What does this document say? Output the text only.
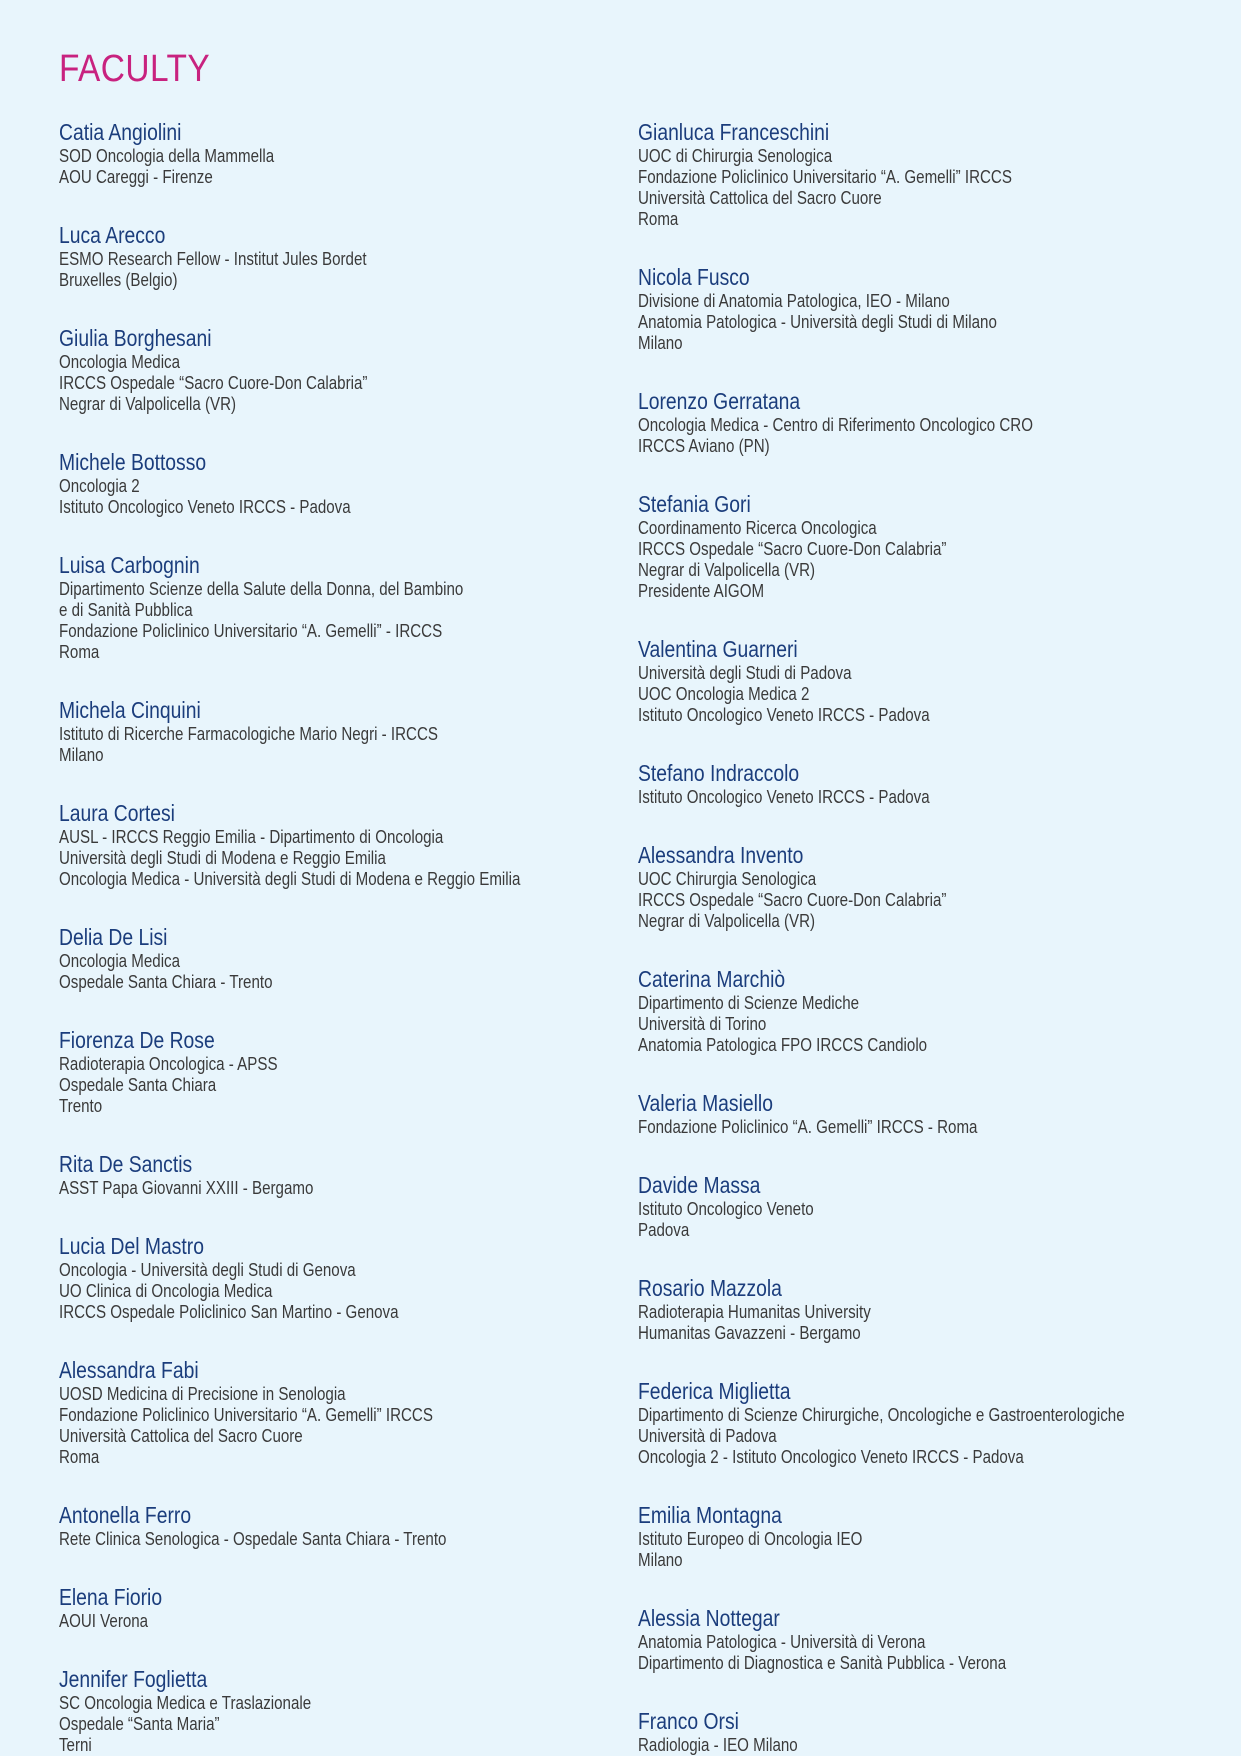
FACULTY
Catia Angiolini
SOD Oncologia della Mammella
AOU Careggi - Firenze
Luca Arecco
ESMO Research Fellow - Institut Jules Bordet
Bruxelles (Belgio)
Giulia Borghesani
Oncologia Medica
IRCCS Ospedale “Sacro Cuore-Don Calabria”
Negrar di Valpolicella (VR)
Michele Bottosso
Oncologia 2
Istituto Oncologico Veneto IRCCS - Padova
Luisa Carbognin
Dipartimento Scienze della Salute della Donna, del Bambino
e di Sanità Pubblica
Fondazione Policlinico Universitario “A. Gemelli” - IRCCS
Roma
Michela Cinquini
Istituto di Ricerche Farmacologiche Mario Negri - IRCCS
Milano
Laura Cortesi
AUSL - IRCCS Reggio Emilia - Dipartimento di Oncologia
Università degli Studi di Modena e Reggio Emilia
Oncologia Medica - Università degli Studi di Modena e Reggio Emilia
Delia De Lisi
Oncologia Medica
Ospedale Santa Chiara - Trento
Fiorenza De Rose
Radioterapia Oncologica - APSS
Ospedale Santa Chiara
Trento
Rita De Sanctis
ASST Papa Giovanni XXIII - Bergamo
Lucia Del Mastro
Oncologia - Università degli Studi di Genova
UO Clinica di Oncologia Medica
IRCCS Ospedale Policlinico San Martino - Genova
Alessandra Fabi
UOSD Medicina di Precisione in Senologia
Fondazione Policlinico Universitario “A. Gemelli” IRCCS
Università Cattolica del Sacro Cuore
Roma
Antonella Ferro
Rete Clinica Senologica - Ospedale Santa Chiara - Trento
Elena Fiorio
AOUI Verona
Jennifer Foglietta
SC Oncologia Medica e Traslazionale
Ospedale “Santa Maria”
Terni
Gianluca Franceschini
UOC di Chirurgia Senologica
Fondazione Policlinico Universitario “A. Gemelli” IRCCS
Università Cattolica del Sacro Cuore
Roma
Nicola Fusco
Divisione di Anatomia Patologica, IEO - Milano
Anatomia Patologica - Università degli Studi di Milano
Milano
Lorenzo Gerratana
Oncologia Medica - Centro di Riferimento Oncologico CRO
IRCCS Aviano (PN)
Stefania Gori
Coordinamento Ricerca Oncologica
IRCCS Ospedale “Sacro Cuore-Don Calabria”
Negrar di Valpolicella (VR)
Presidente AIGOM
Valentina Guarneri
Università degli Studi di Padova
UOC Oncologia Medica 2
Istituto Oncologico Veneto IRCCS - Padova
Stefano Indraccolo
Istituto Oncologico Veneto IRCCS - Padova
Alessandra Invento
UOC Chirurgia Senologica
IRCCS Ospedale “Sacro Cuore-Don Calabria”
Negrar di Valpolicella (VR)
Caterina Marchiò
Dipartimento di Scienze Mediche
Università di Torino
Anatomia Patologica FPO IRCCS Candiolo
Valeria Masiello
Fondazione Policlinico “A. Gemelli” IRCCS - Roma
Davide Massa
Istituto Oncologico Veneto
Padova
Rosario Mazzola
Radioterapia Humanitas University
Humanitas Gavazzeni - Bergamo
Federica Miglietta
Dipartimento di Scienze Chirurgiche, Oncologiche e Gastroenterologiche
Università di Padova
Oncologia 2 - Istituto Oncologico Veneto IRCCS - Padova
Emilia Montagna
Istituto Europeo di Oncologia IEO
Milano
Alessia Nottegar
Anatomia Patologica - Università di Verona
Dipartimento di Diagnostica e Sanità Pubblica - Verona
Franco Orsi
Radiologia - IEO Milano
